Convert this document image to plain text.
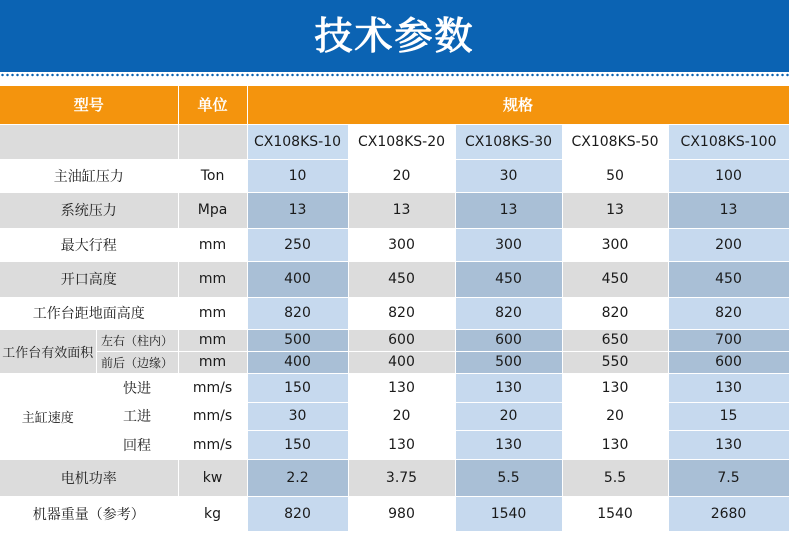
技术参数
型号		单位	规格				
			CX108KS-10	CX108KS-20	CX108KS-30	CX108KS-50	CX108KS-100
主油缸压力		Ton	10	20	30	50	100
系统压力		Mpa	13	13	13	13	13
最大行程		mm	250	300	300	300	200
开口高度		mm	400	450	450	450	450
工作台距地面高度		mm	820	820	820	820	820
工作台有效面积	左右（柱内）	mm	500	600	600	650	700
	前后（边缘）	mm	400	400	500	550	600
主缸速度	快进	mm/s	150	130	130	130	130
	工进	mm/s	30	20	20	20	15
	回程	mm/s	150	130	130	130	130
电机功率		kw	2.2	3.75	5.5	5.5	7.5
机器重量（参考）		kg	820	980	1540	1540	2680
